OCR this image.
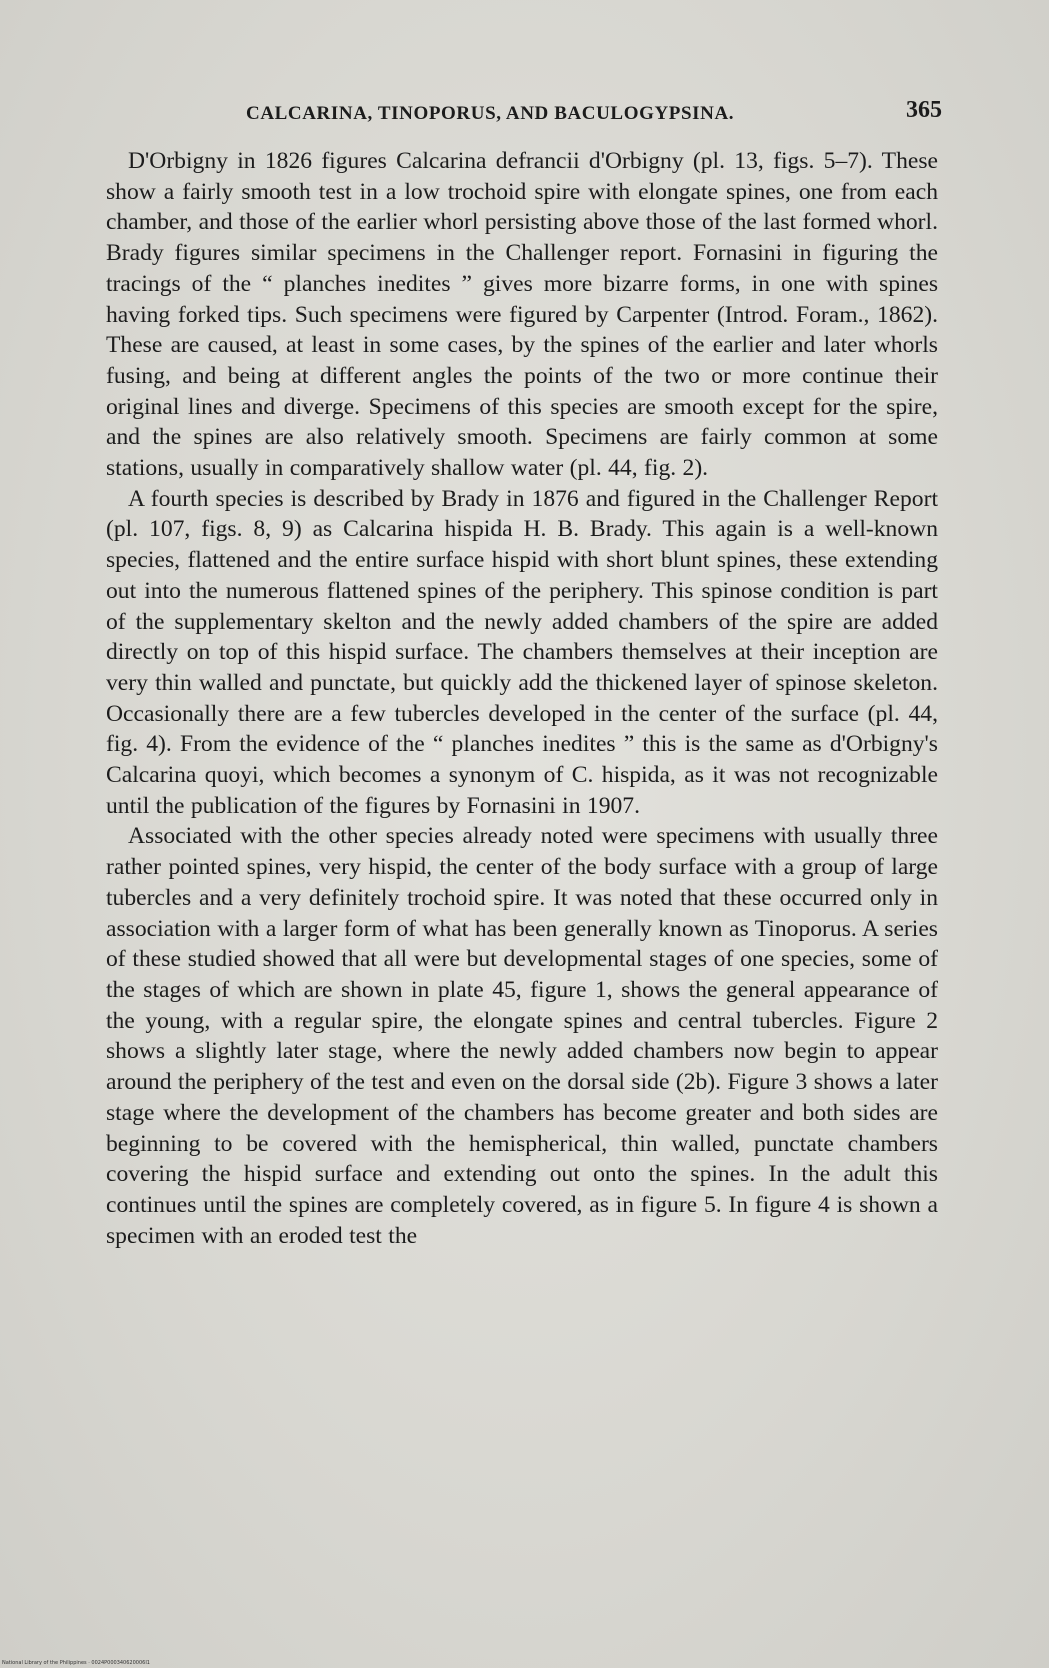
CALCARINA, TINOPORUS, AND BACULOGYPSINA.	365

D'Orbigny in 1826 figures Calcarina defrancii d'Orbigny (pl. 13, figs. 5–7). These show a fairly smooth test in a low trochoid spire with elongate spines, one from each chamber, and those of the earlier whorl persisting above those of the last formed whorl. Brady figures similar specimens in the Challenger report. Fornasini in figuring the tracings of the “ planches inedites ” gives more bizarre forms, in one with spines having forked tips. Such specimens were figured by Carpenter (Introd. Foram., 1862). These are caused, at least in some cases, by the spines of the earlier and later whorls fusing, and being at different angles the points of the two or more continue their original lines and diverge. Specimens of this species are smooth except for the spire, and the spines are also relatively smooth. Specimens are fairly common at some stations, usually in comparatively shallow water (pl. 44, fig. 2).

A fourth species is described by Brady in 1876 and figured in the Challenger Report (pl. 107, figs. 8, 9) as Calcarina hispida H. B. Brady. This again is a well-known species, flattened and the entire surface hispid with short blunt spines, these extending out into the numerous flattened spines of the periphery. This spinose condition is part of the supplementary skelton and the newly added chambers of the spire are added directly on top of this hispid surface. The chambers themselves at their inception are very thin walled and punctate, but quickly add the thickened layer of spinose skeleton. Occasionally there are a few tubercles developed in the center of the surface (pl. 44, fig. 4). From the evidence of the “ planches inedites ” this is the same as d'Orbigny's Calcarina quoyi, which becomes a synonym of C. hispida, as it was not recognizable until the publication of the figures by Fornasini in 1907.

Associated with the other species already noted were specimens with usually three rather pointed spines, very hispid, the center of the body surface with a group of large tubercles and a very definitely trochoid spire. It was noted that these occurred only in association with a larger form of what has been generally known as Tinoporus. A series of these studied showed that all were but developmental stages of one species, some of the stages of which are shown in plate 45, figure 1, shows the general appearance of the young, with a regular spire, the elongate spines and central tubercles. Figure 2 shows a slightly later stage, where the newly added chambers now begin to appear around the periphery of the test and even on the dorsal side (2b). Figure 3 shows a later stage where the development of the chambers has become greater and both sides are beginning to be covered with the hemispherical, thin walled, punctate chambers covering the hispid surface and extending out onto the spines. In the adult this continues until the spines are completely covered, as in figure 5. In figure 4 is shown a specimen with an eroded test the

National Library of the Philippines · 0024P000340620006I1
